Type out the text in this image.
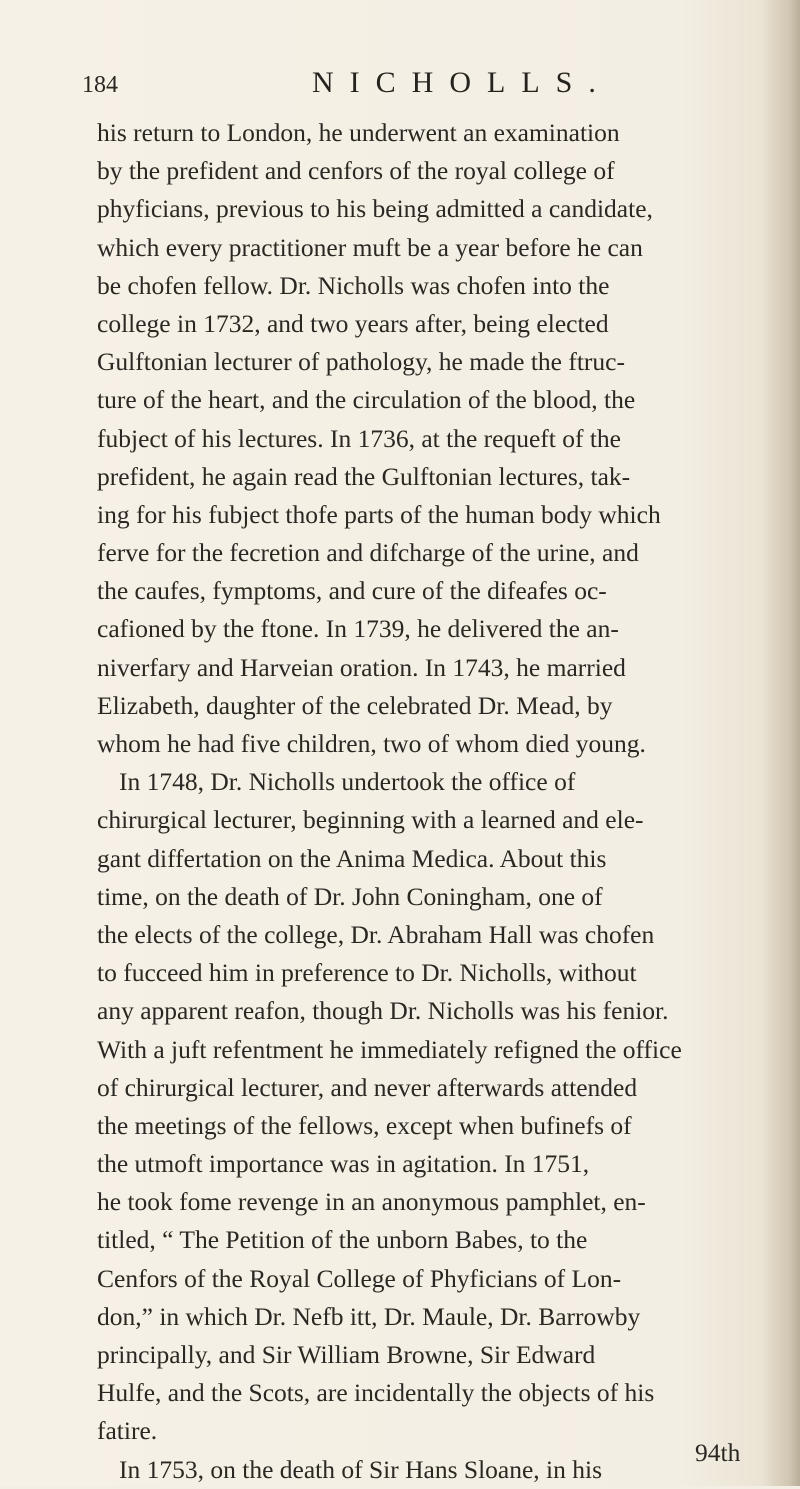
184	NICHOLLS.
his return to London, he underwent an examination
by the prefident and cenfors of the royal college of
phyficians, previous to his being admitted a candidate,
which every practitioner muft be a year before he can
be chofen fellow. Dr. Nicholls was chofen into the
college in 1732, and two years after, being elected
Gulftonian lecturer of pathology, he made the ftruc-
ture of the heart, and the circulation of the blood, the
fubject of his lectures. In 1736, at the requeft of the
prefident, he again read the Gulftonian lectures, tak-
ing for his fubject thofe parts of the human body which
ferve for the fecretion and difcharge of the urine, and
the caufes, fymptoms, and cure of the difeafes oc-
cafioned by the ftone. In 1739, he delivered the an-
niverfary and Harveian oration. In 1743, he married
Elizabeth, daughter of the celebrated Dr. Mead, by
whom he had five children, two of whom died young.
In 1748, Dr. Nicholls undertook the office of
chirurgical lecturer, beginning with a learned and ele-
gant differtation on the Anima Medica. About this
time, on the death of Dr. John Coningham, one of
the elects of the college, Dr. Abraham Hall was chofen
to fucceed him in preference to Dr. Nicholls, without
any apparent reafon, though Dr. Nicholls was his fenior.
With a juft refentment he immediately refigned the office
of chirurgical lecturer, and never afterwards attended
the meetings of the fellows, except when bufinefs of
the utmoft importance was in agitation. In 1751,
he took fome revenge in an anonymous pamphlet, en-
titled, “ The Petition of the unborn Babes, to the
Cenfors of the Royal College of Phyficians of Lon-
don,” in which Dr. Nefb itt, Dr. Maule, Dr. Barrowby
principally, and Sir William Browne, Sir Edward
Hulfe, and the Scots, are incidentally the objects of his
fatire.
In 1753, on the death of Sir Hans Sloane, in his
94th
